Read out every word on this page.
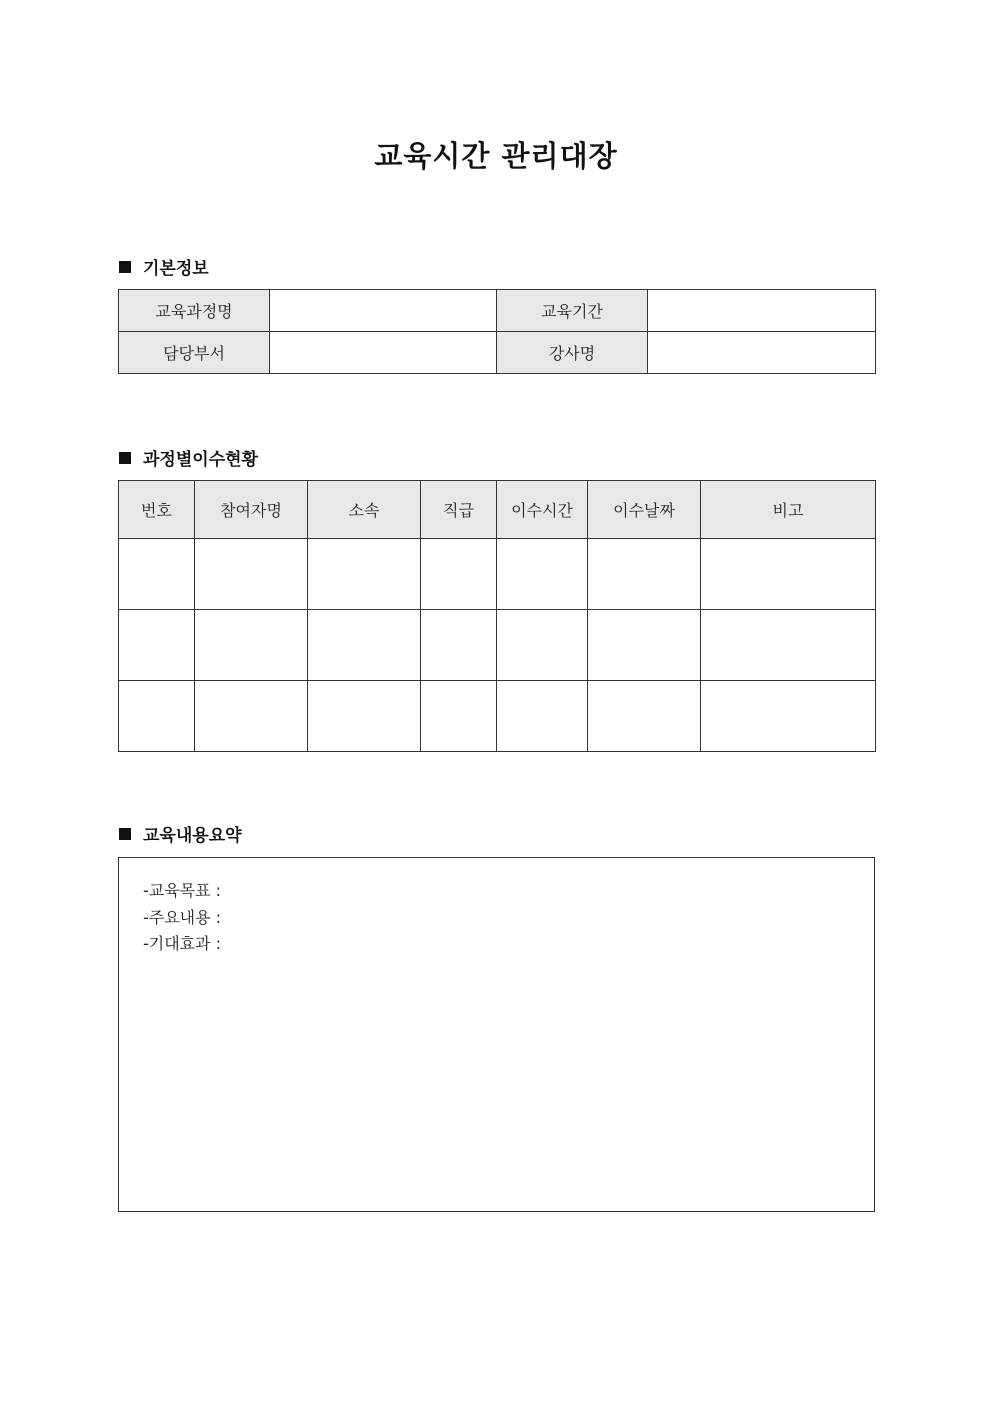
교육시간 관리대장
기본정보
교육과정명		교육기간	
담당부서		강사명	
과정별이수현황
번호	참여자명	소속	직급	이수시간	이수날짜	비고

교육내용요약
-교육목표 :
-주요내용 :
-기대효과 :
